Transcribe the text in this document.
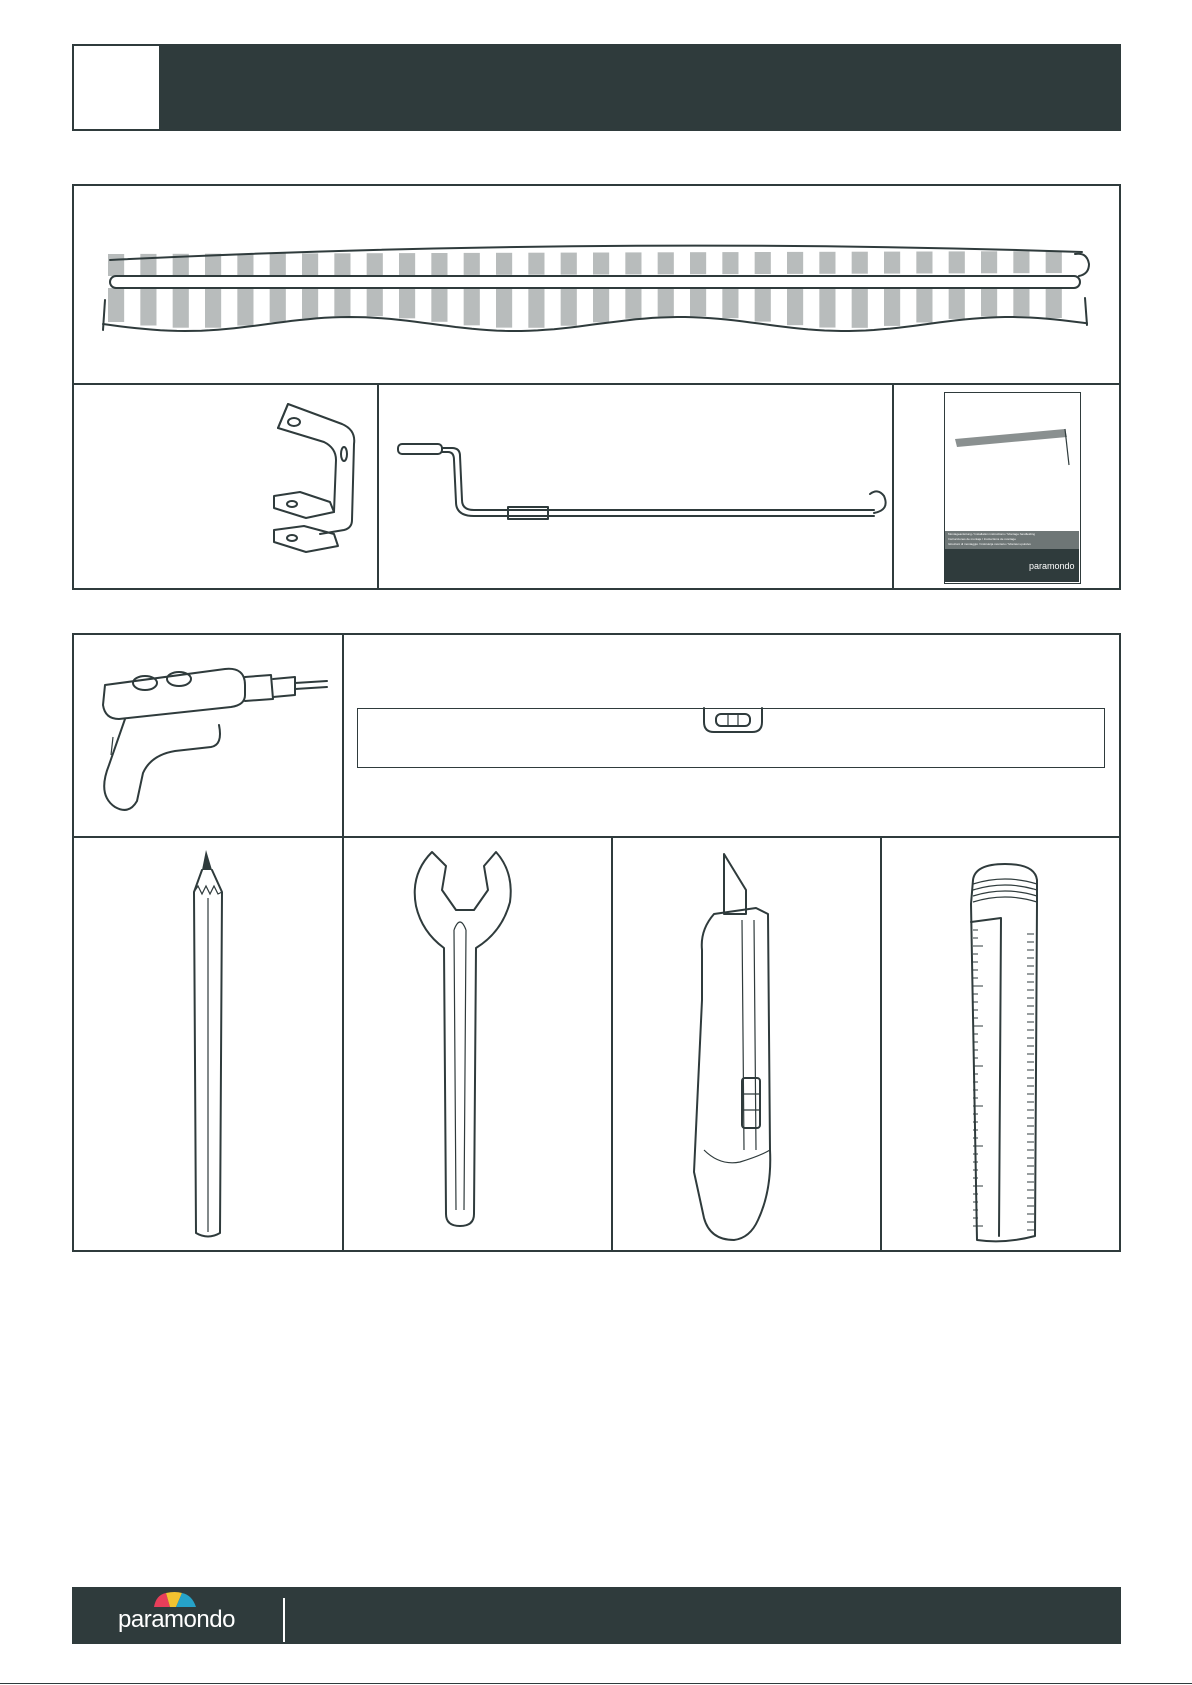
Montageanleitung / Installation instructions / Montage handleiding
Instrucciones de montaje / Instructions de montage
Istruzioni di montaggio / Instrukcja montazu / Montavi uputstvo
paramondo
paramondo
